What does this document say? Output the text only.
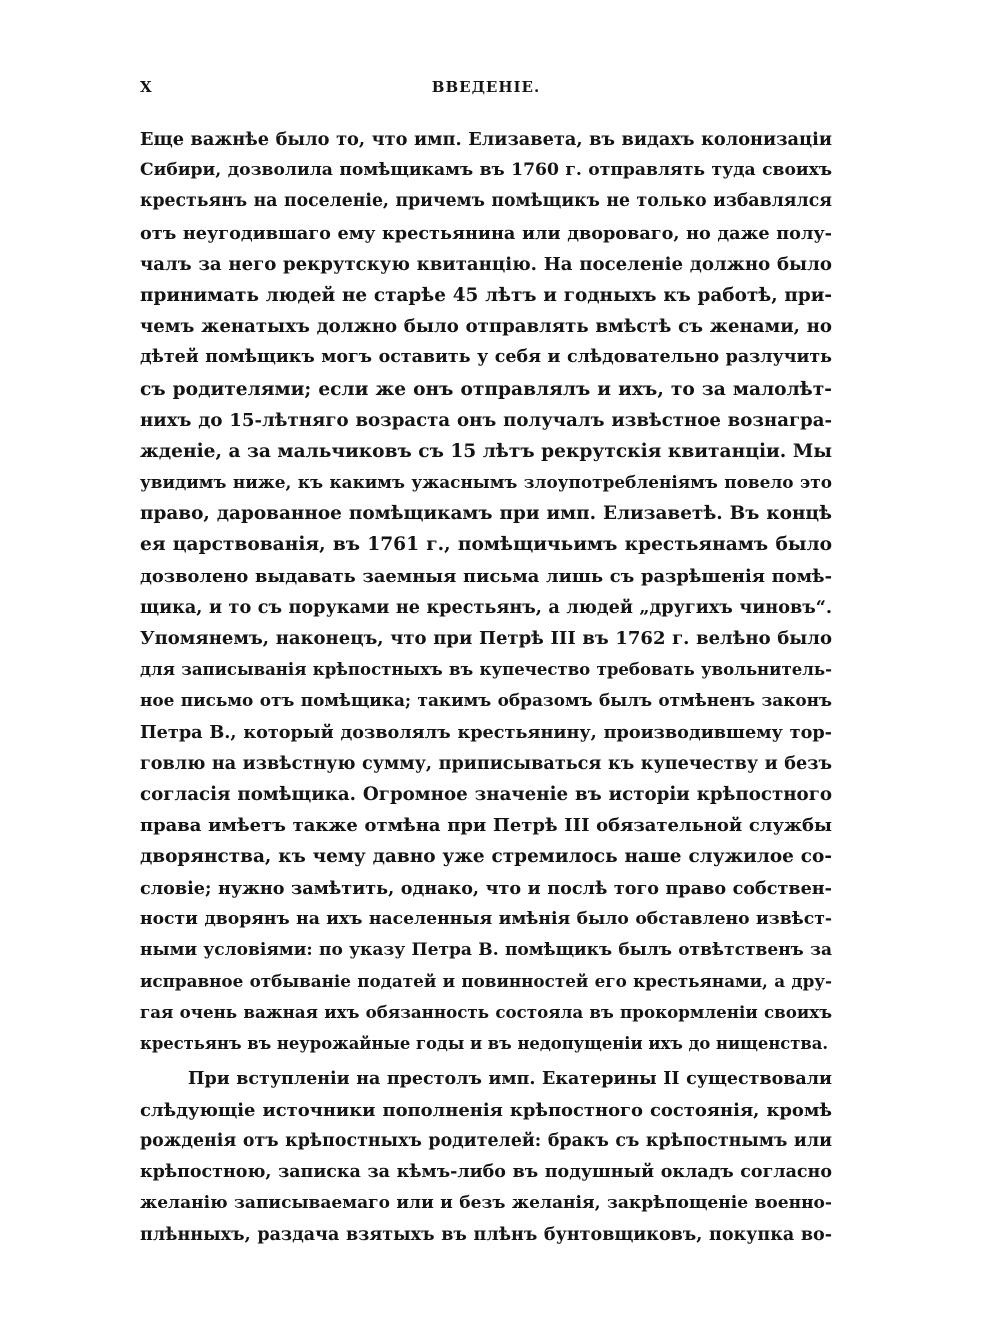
X	ВВЕДЕНІЕ.
Еще важнѣе было то, что имп. Елизавета, въ видахъ колонизаціи
Сибири, дозволила помѣщикамъ въ 1760 г. отправлять туда своихъ
крестьянъ на поселеніе, причемъ помѣщикъ не только избавлялся
отъ неугодившаго ему крестьянина или двороваго, но даже полу-
чалъ за него рекрутскую квитанцію. На поселеніе должно было
принимать людей не старѣе 45 лѣтъ и годныхъ къ работѣ, при-
чемъ женатыхъ должно было отправлять вмѣстѣ съ женами, но
дѣтей помѣщикъ могъ оставить у себя и слѣдовательно разлучить
съ родителями; если же онъ отправлялъ и ихъ, то за малолѣт-
нихъ до 15-лѣтняго возраста онъ получалъ извѣстное вознагра-
жденіе, а за мальчиковъ съ 15 лѣтъ рекрутскія квитанціи. Мы
увидимъ ниже, къ какимъ ужаснымъ злоупотребленіямъ повело это
право, дарованное помѣщикамъ при имп. Елизаветѣ. Въ концѣ
ея царствованія, въ 1761 г., помѣщичьимъ крестьянамъ было
дозволено выдавать заемныя письма лишь съ разрѣшенія помѣ-
щика, и то съ поруками не крестьянъ, а людей „другихъ чиновъ“.
Упомянемъ, наконецъ, что при Петрѣ III въ 1762 г. велѣно было
для записыванія крѣпостныхъ въ купечество требовать увольнитель-
ное письмо отъ помѣщика; такимъ образомъ былъ отмѣненъ законъ
Петра В., который дозволялъ крестьянину, производившему тор-
говлю на извѣстную сумму, приписываться къ купечеству и безъ
согласія помѣщика. Огромное значеніе въ исторіи крѣпостного
права имѣетъ также отмѣна при Петрѣ III обязательной службы
дворянства, къ чему давно уже стремилось наше служилое со-
словіе; нужно замѣтить, однако, что и послѣ того право собствен-
ности дворянъ на ихъ населенныя имѣнія было обставлено извѣст-
ными условіями: по указу Петра В. помѣщикъ былъ отвѣтственъ за
исправное отбываніе податей и повинностей его крестьянами, а дру-
гая очень важная ихъ обязанность состояла въ прокормленіи своихъ
крестьянъ въ неурожайные годы и въ недопущеніи ихъ до нищенства.
При вступленіи на престолъ имп. Екатерины II существовали
слѣдующіе источники пополненія крѣпостного состоянія, кромѣ
рожденія отъ крѣпостныхъ родителей: бракъ съ крѣпостнымъ или
крѣпостною, записка за кѣмъ-либо въ подушный окладъ согласно
желанію записываемаго или и безъ желанія, закрѣпощеніе военно-
плѣнныхъ, раздача взятыхъ въ плѣнъ бунтовщиковъ, покупка во-
